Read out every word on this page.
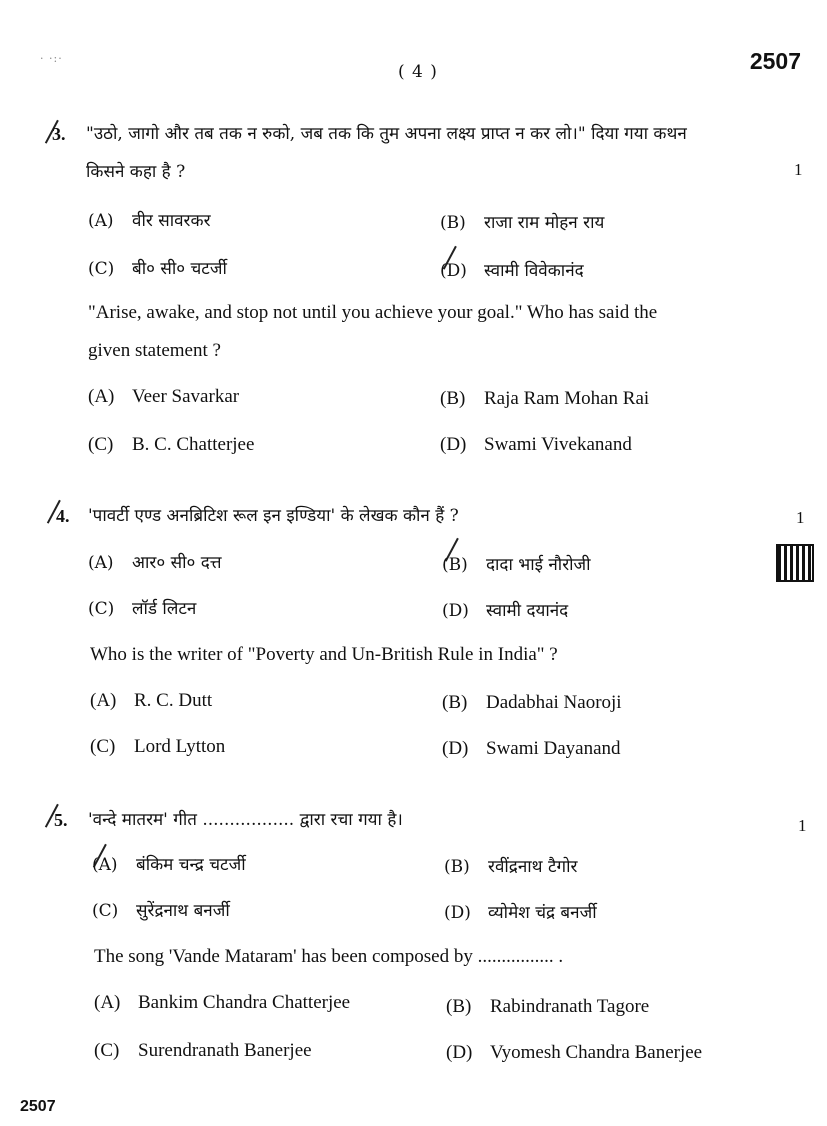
· ·:·
( 4 )	2507
3. "उठो, जागो और तब तक न रुको, जब तक कि तुम अपना लक्ष्य प्राप्त न कर लो।" दिया गया कथन
किसने कहा है ?	1
(A) वीर सावरकर	(B) राजा राम मोहन राय
(C) बी० सी० चटर्जी	(D) स्वामी विवेकानंद
"Arise, awake, and stop not until you achieve your goal." Who has said the
given statement ?
(A) Veer Savarkar	(B) Raja Ram Mohan Rai
(C) B. C. Chatterjee	(D) Swami Vivekanand
4. 'पावर्टी एण्ड अनब्रिटिश रूल इन इण्डिया' के लेखक कौन हैं ?	1
(A) आर० सी० दत्त	(B) दादा भाई नौरोजी
(C) लॉर्ड लिटन	(D) स्वामी दयानंद
Who is the writer of "Poverty and Un-British Rule in India" ?
(A) R. C. Dutt	(B) Dadabhai Naoroji
(C) Lord Lytton	(D) Swami Dayanand
5. 'वन्दे मातरम' गीत ................. द्वारा रचा गया है।	1
(A) बंकिम चन्द्र चटर्जी	(B) रवींद्रनाथ टैगोर
(C) सुरेंद्रनाथ बनर्जी	(D) व्योमेश चंद्र बनर्जी
The song 'Vande Mataram' has been composed by ................ .
(A) Bankim Chandra Chatterjee	(B) Rabindranath Tagore
(C) Surendranath Banerjee	(D) Vyomesh Chandra Banerjee
2507
